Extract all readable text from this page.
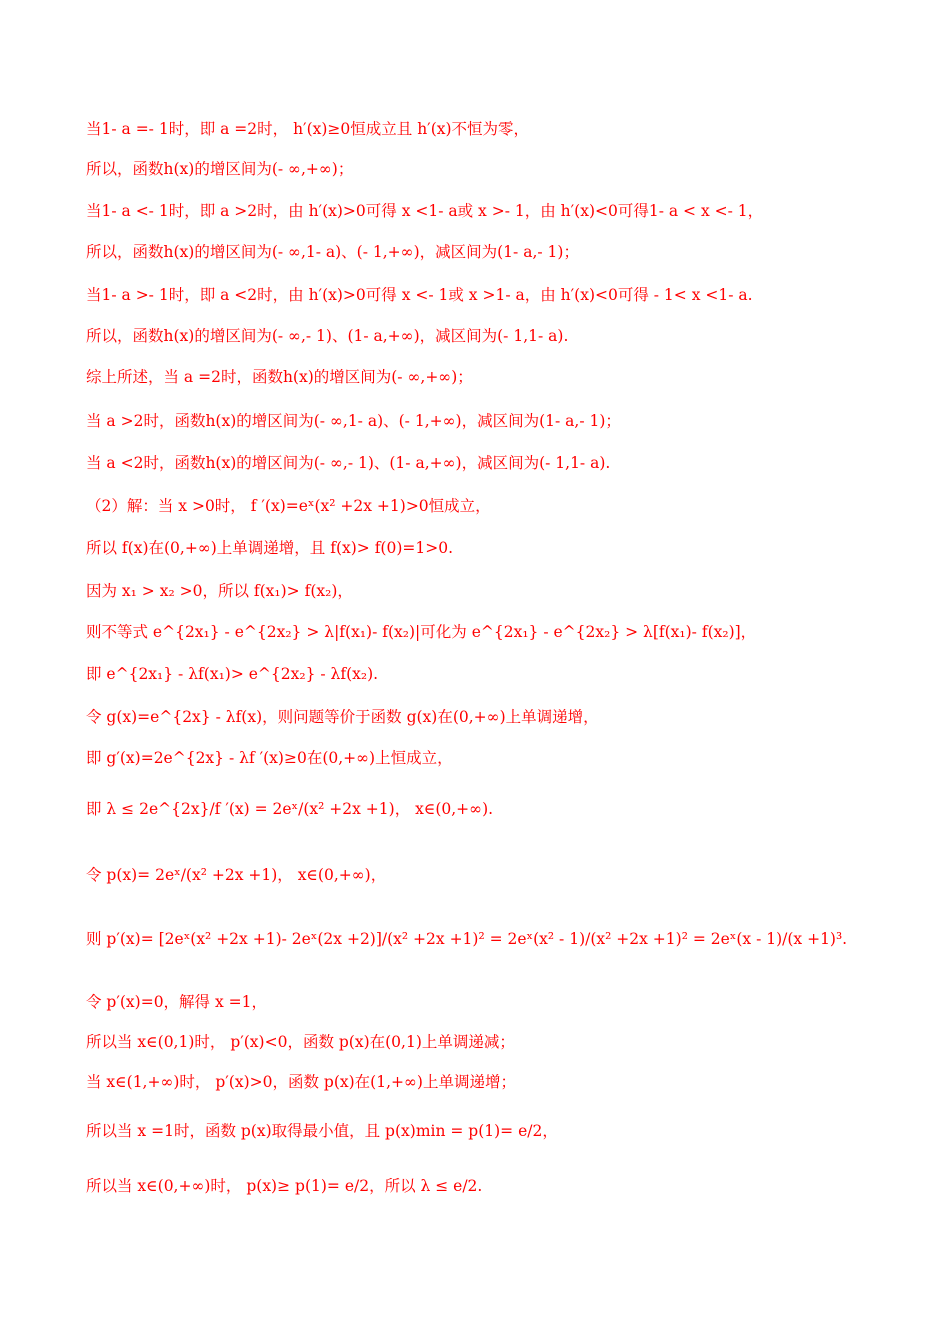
当1- a =- 1时，即 a =2时， h′(x)≥0恒成立且 h′(x)不恒为零，
所以，函数h(x)的增区间为(- ∞,+∞)；
当1- a <- 1时，即 a >2时，由 h′(x)>0可得 x <1- a或 x >- 1，由 h′(x)<0可得1- a < x <- 1，
所以，函数h(x)的增区间为(- ∞,1- a)、(- 1,+∞)，减区间为(1- a,- 1)；
当1- a >- 1时，即 a <2时，由 h′(x)>0可得 x <- 1或 x >1- a，由 h′(x)<0可得 - 1< x <1- a.
所以，函数h(x)的增区间为(- ∞,- 1)、(1- a,+∞)，减区间为(- 1,1- a).
综上所述，当 a =2时，函数h(x)的增区间为(- ∞,+∞)；
当 a >2时，函数h(x)的增区间为(- ∞,1- a)、(- 1,+∞)，减区间为(1- a,- 1)；
当 a <2时，函数h(x)的增区间为(- ∞,- 1)、(1- a,+∞)，减区间为(- 1,1- a).
（2）解：当 x >0时， f ′(x)=eˣ(x² +2x +1)>0恒成立，
所以 f(x)在(0,+∞)上单调递增，且 f(x)> f(0)=1>0.
因为 x₁ > x₂ >0，所以 f(x₁)> f(x₂)，
则不等式 e^{2x₁} - e^{2x₂} > λ|f(x₁)- f(x₂)|可化为 e^{2x₁} - e^{2x₂} > λ[f(x₁)- f(x₂)]，
即 e^{2x₁} - λf(x₁)> e^{2x₂} - λf(x₂).
令 g(x)=e^{2x} - λf(x)，则问题等价于函数 g(x)在(0,+∞)上单调递增，
即 g′(x)=2e^{2x} - λf ′(x)≥0在(0,+∞)上恒成立，
即 λ ≤ 2e^{2x}/f ′(x) = 2eˣ/(x² +2x +1)， x∈(0,+∞).
令 p(x)= 2eˣ/(x² +2x +1)， x∈(0,+∞)，
则 p′(x)= [2eˣ(x² +2x +1)- 2eˣ(2x +2)]/(x² +2x +1)² = 2eˣ(x² - 1)/(x² +2x +1)² = 2eˣ(x - 1)/(x +1)³.
令 p′(x)=0，解得 x =1，
所以当 x∈(0,1)时， p′(x)<0，函数 p(x)在(0,1)上单调递减；
当 x∈(1,+∞)时， p′(x)>0，函数 p(x)在(1,+∞)上单调递增；
所以当 x =1时，函数 p(x)取得最小值，且 p(x)min = p(1)= e/2，
所以当 x∈(0,+∞)时， p(x)≥ p(1)= e/2，所以 λ ≤ e/2.
